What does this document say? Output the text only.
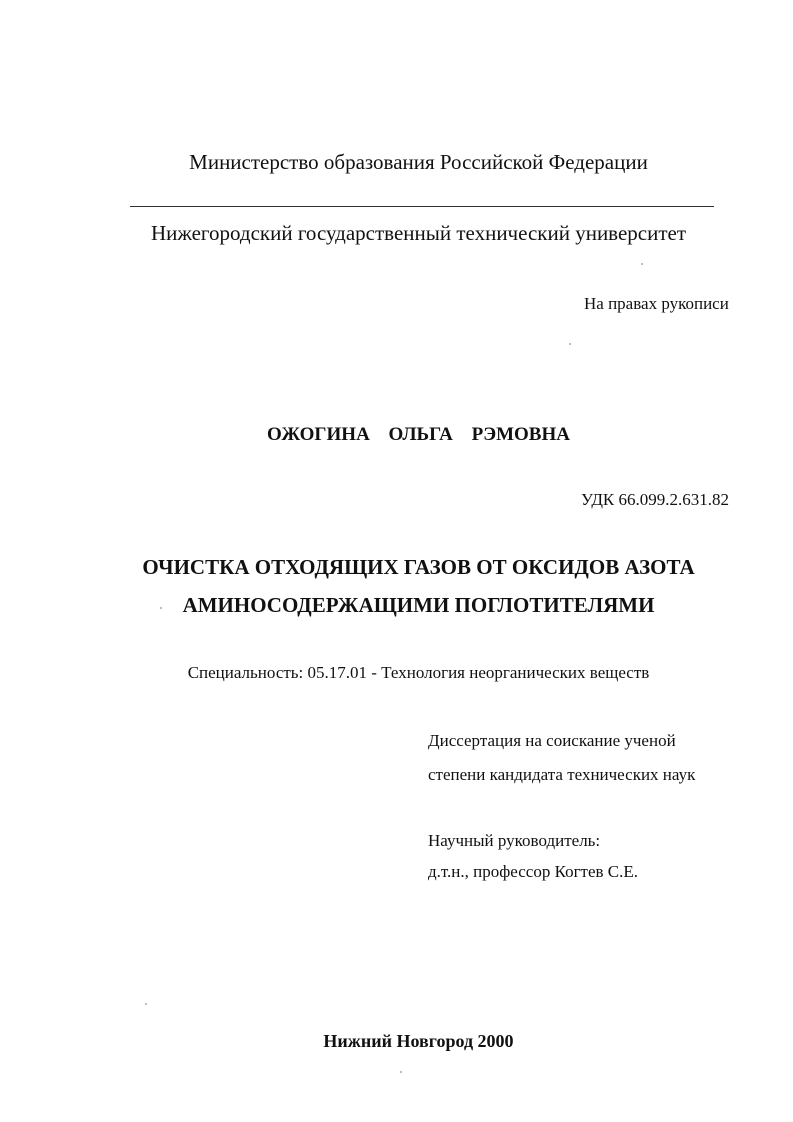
Министерство образования Российской Федерации
Нижегородский государственный технический университет
На правах рукописи
ОЖОГИНА ОЛЬГА РЭМОВНА
УДК 66.099.2.631.82
ОЧИСТКА ОТХОДЯЩИХ ГАЗОВ ОТ ОКСИДОВ АЗОТА
АМИНОСОДЕРЖАЩИМИ ПОГЛОТИТЕЛЯМИ
Специальность: 05.17.01 - Технология неорганических веществ
Диссертация на соискание ученой
степени кандидата технических наук
Научный руководитель:
д.т.н., профессор Когтев С.Е.
Нижний Новгород 2000
